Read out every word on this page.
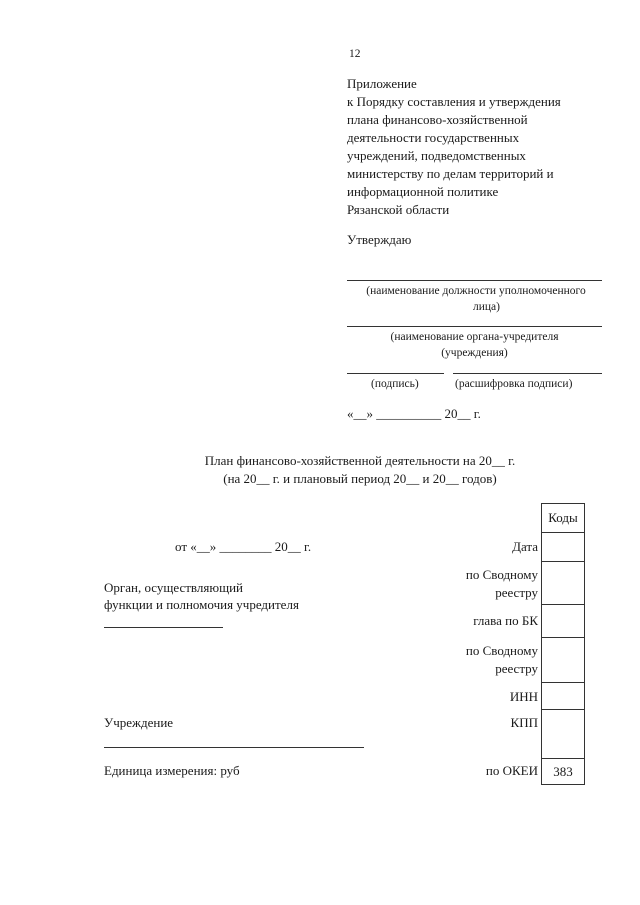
12
Приложение
к Порядку составления и утверждения
плана финансово-хозяйственной
деятельности государственных
учреждений, подведомственных
министерству по делам территорий и
информационной политике
Рязанской области
Утверждаю
(наименование должности уполномоченного
лица)
(наименование органа-учредителя
(учреждения)
(подпись)	(расшифровка подписи)
«__» __________ 20__ г.
План финансово-хозяйственной деятельности на 20__ г.
(на 20__ г. и плановый период 20__ и 20__ годов)
от «__» ________ 20__ г.
Орган, осуществляющий
функции и полномочия учредителя
Учреждение
Единица измерения: руб
Коды
Дата
по Сводному
реестру
глава по БК
по Сводному
реестру
ИНН
КПП
по ОКЕИ	383
